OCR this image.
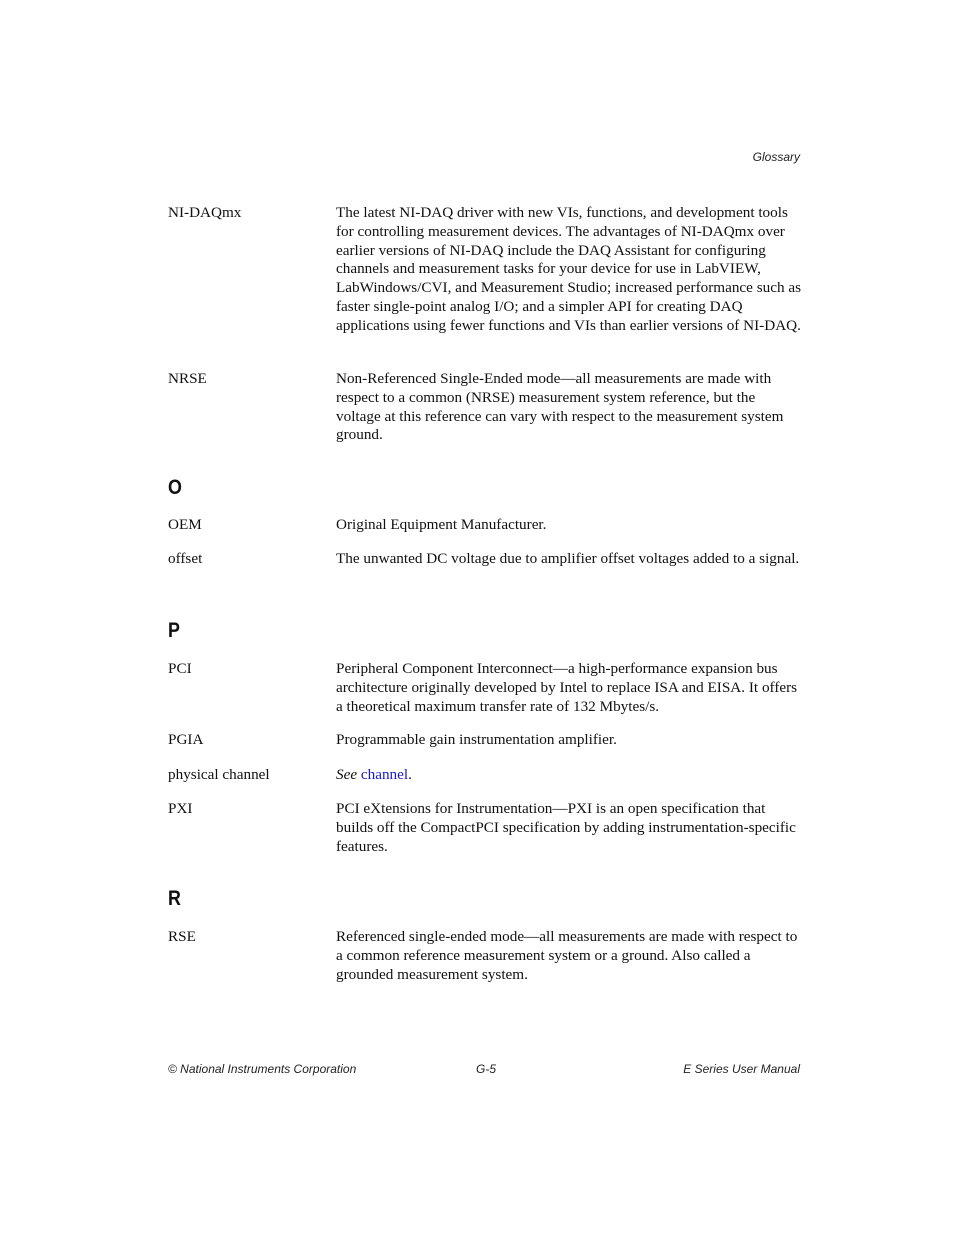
Glossary
NI-DAQmx	The latest NI-DAQ driver with new VIs, functions, and development tools for controlling measurement devices. The advantages of NI-DAQmx over earlier versions of NI-DAQ include the DAQ Assistant for configuring channels and measurement tasks for your device for use in LabVIEW, LabWindows/CVI, and Measurement Studio; increased performance such as faster single-point analog I/O; and a simpler API for creating DAQ applications using fewer functions and VIs than earlier versions of NI-DAQ.
NRSE	Non-Referenced Single-Ended mode—all measurements are made with respect to a common (NRSE) measurement system reference, but the voltage at this reference can vary with respect to the measurement system ground.
O
OEM	Original Equipment Manufacturer.
offset	The unwanted DC voltage due to amplifier offset voltages added to a signal.
P
PCI	Peripheral Component Interconnect—a high-performance expansion bus architecture originally developed by Intel to replace ISA and EISA. It offers a theoretical maximum transfer rate of 132 Mbytes/s.
PGIA	Programmable gain instrumentation amplifier.
physical channel	See channel.
PXI	PCI eXtensions for Instrumentation—PXI is an open specification that builds off the CompactPCI specification by adding instrumentation-specific features.
R
RSE	Referenced single-ended mode—all measurements are made with respect to a common reference measurement system or a ground. Also called a grounded measurement system.
© National Instruments Corporation	G-5	E Series User Manual
